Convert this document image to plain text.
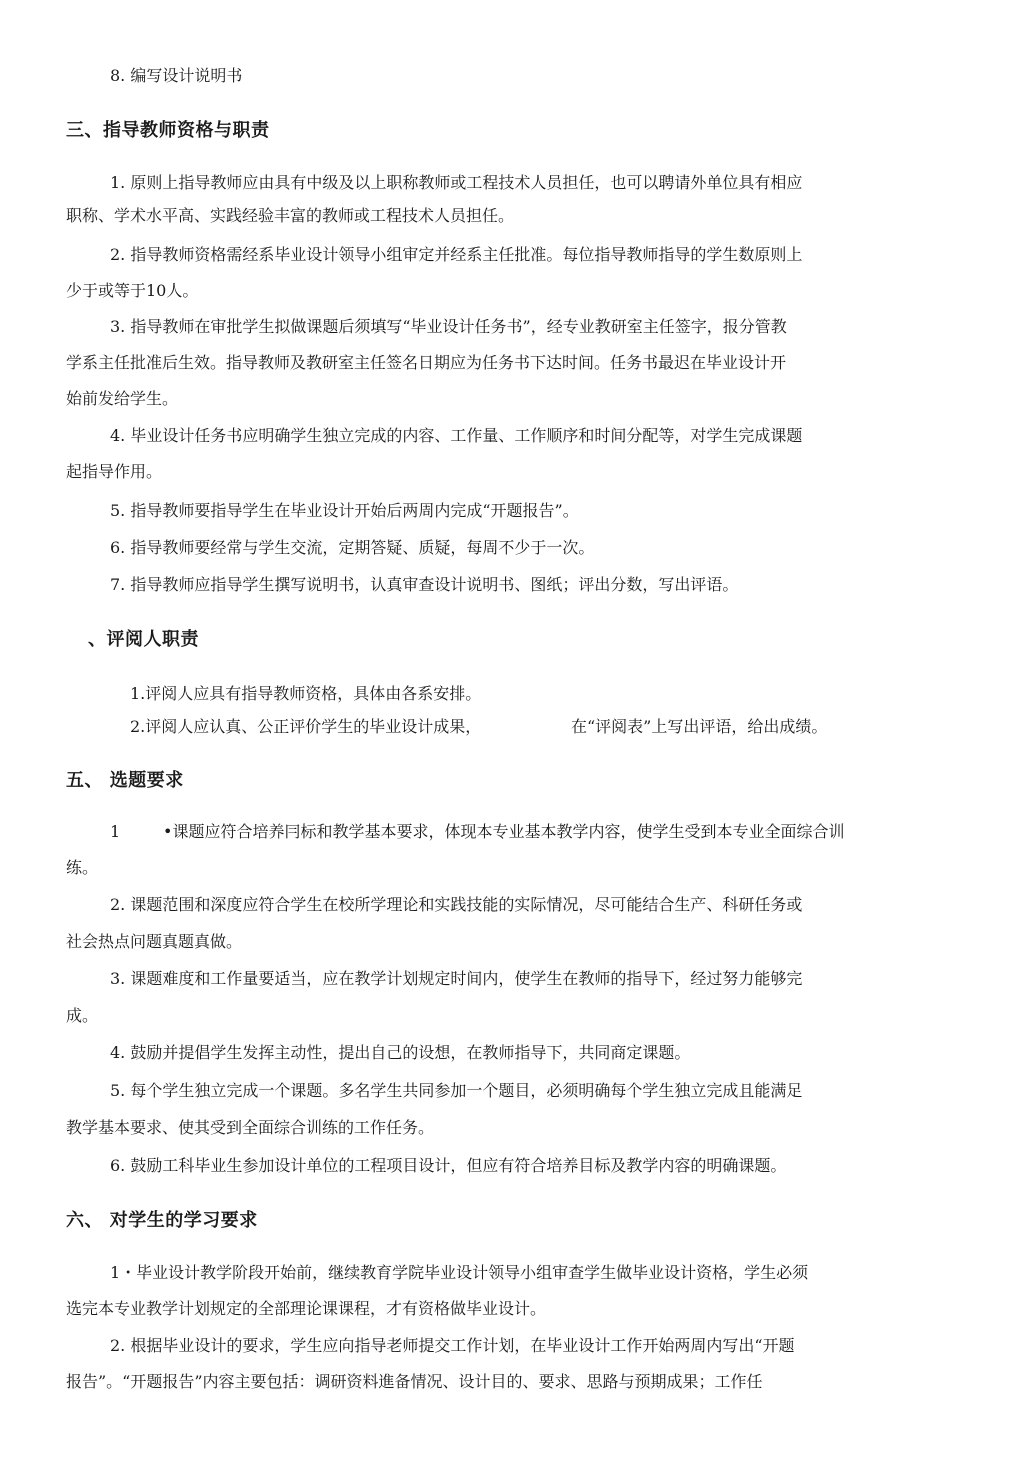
8. 编写设计说明书
三、指导教师资格与职责
1. 原则上指导教师应由具有中级及以上职称教师或工程技术人员担任，也可以聘请外单位具有相应
职称、学术水平高、实践经验丰富的教师或工程技术人员担任。
2. 指导教师资格需经系毕业设计领导小组审定并经系主任批准。每位指导教师指导的学生数原则上
少于或等于10人。
3. 指导教师在审批学生拟做课题后须填写“毕业设计任务书”，经专业教研室主任签字，报分管教
学系主任批准后生效。指导教师及教研室主任签名日期应为任务书下达时间。任务书最迟在毕业设计开
始前发给学生。
4. 毕业设计任务书应明确学生独立完成的内容、工作量、工作顺序和时间分配等，对学生完成课题
起指导作用。
5. 指导教师要指导学生在毕业设计开始后两周内完成“开题报告”。
6. 指导教师要经常与学生交流，定期答疑、质疑，每周不少于一次。
7. 指导教师应指导学生撰写说明书，认真审查设计说明书、图纸；评出分数，写出评语。
、评阅人职责
1.评阅人应具有指导教师资格，具体由各系安排。
2.评阅人应认真、公正评价学生的毕业设计成果，	在“评阅表”上写出评语，给出成绩。
五、 选题要求
1	•课题应符合培养冃标和教学基本要求，体现本专业基本教学内容，使学生受到本专业全面综合训
练。
2. 课题范围和深度应符合学生在校所学理论和实践技能的实际情况，尽可能结合生产、科研任务或
社会热点问题真题真做。
3. 课题难度和工作量要适当，应在教学计划规定时间内，使学生在教师的指导下，经过努力能够完
成。
4. 鼓励并提倡学生发挥主动性，提出自己的设想，在教师指导下，共同商定课题。
5. 每个学生独立完成一个课题。多名学生共同参加一个题目，必须明确每个学生独立完成且能满足
教学基本要求、使其受到全面综合训练的工作任务。
6. 鼓励工科毕业生参加设计单位的工程项目设计，但应有符合培养目标及教学内容的明确课题。
六、 对学生的学习要求
1・毕业设计教学阶段开始前，继续教育学院毕业设计领导小组审查学生做毕业设计资格，学生必须
选完本专业教学计划规定的全部理论课课程，才有资格做毕业设计。
2. 根据毕业设计的要求，学生应向指导老师提交工作计划，在毕业设计工作开始两周内写出“开题
报告”。“开题报告”内容主要包括：调研资料進备情况、设计目的、要求、思路与预期成果；工作任
